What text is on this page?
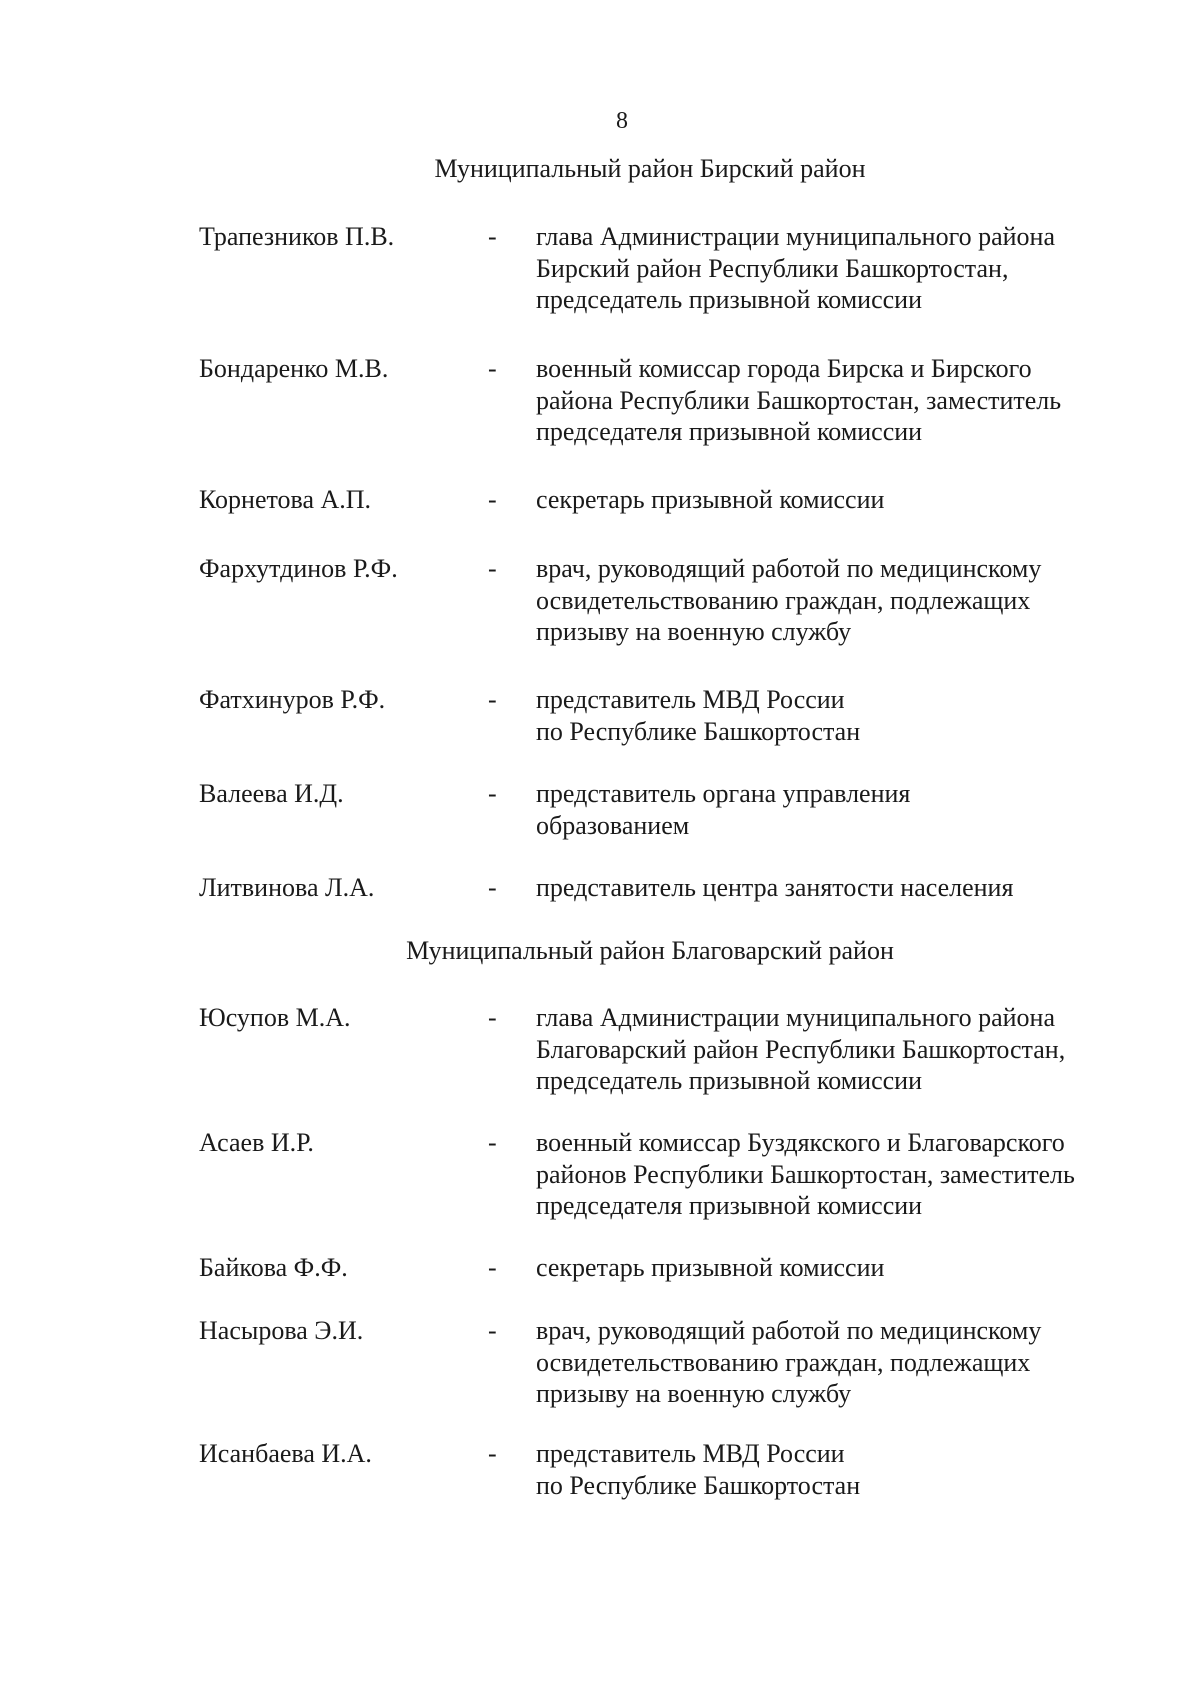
8
Муниципальный район Бирский район
Трапезников П.В.	- глава Администрации муниципального района
Бирский район Республики Башкортостан,
председатель призывной комиссии
Бондаренко М.В.	- военный комиссар города Бирска и Бирского
района Республики Башкортостан, заместитель
председателя призывной комиссии
Корнетова А.П.	- секретарь призывной комиссии
Фархутдинов Р.Ф.	- врач, руководящий работой по медицинскому
освидетельствованию граждан, подлежащих
призыву на военную службу
Фатхинуров Р.Ф.	- представитель МВД России
по Республике Башкортостан
Валеева И.Д.	- представитель органа управления
образованием
Литвинова Л.А.	- представитель центра занятости населения
Муниципальный район Благоварский район
Юсупов М.А.	- глава Администрации муниципального района
Благоварский район Республики Башкортостан,
председатель призывной комиссии
Асаев И.Р.	- военный комиссар Буздякского и Благоварского
районов Республики Башкортостан, заместитель
председателя призывной комиссии
Байкова Ф.Ф.	- секретарь призывной комиссии
Насырова Э.И.	- врач, руководящий работой по медицинскому
освидетельствованию граждан, подлежащих
призыву на военную службу
Исанбаева И.А.	- представитель МВД России
по Республике Башкортостан
